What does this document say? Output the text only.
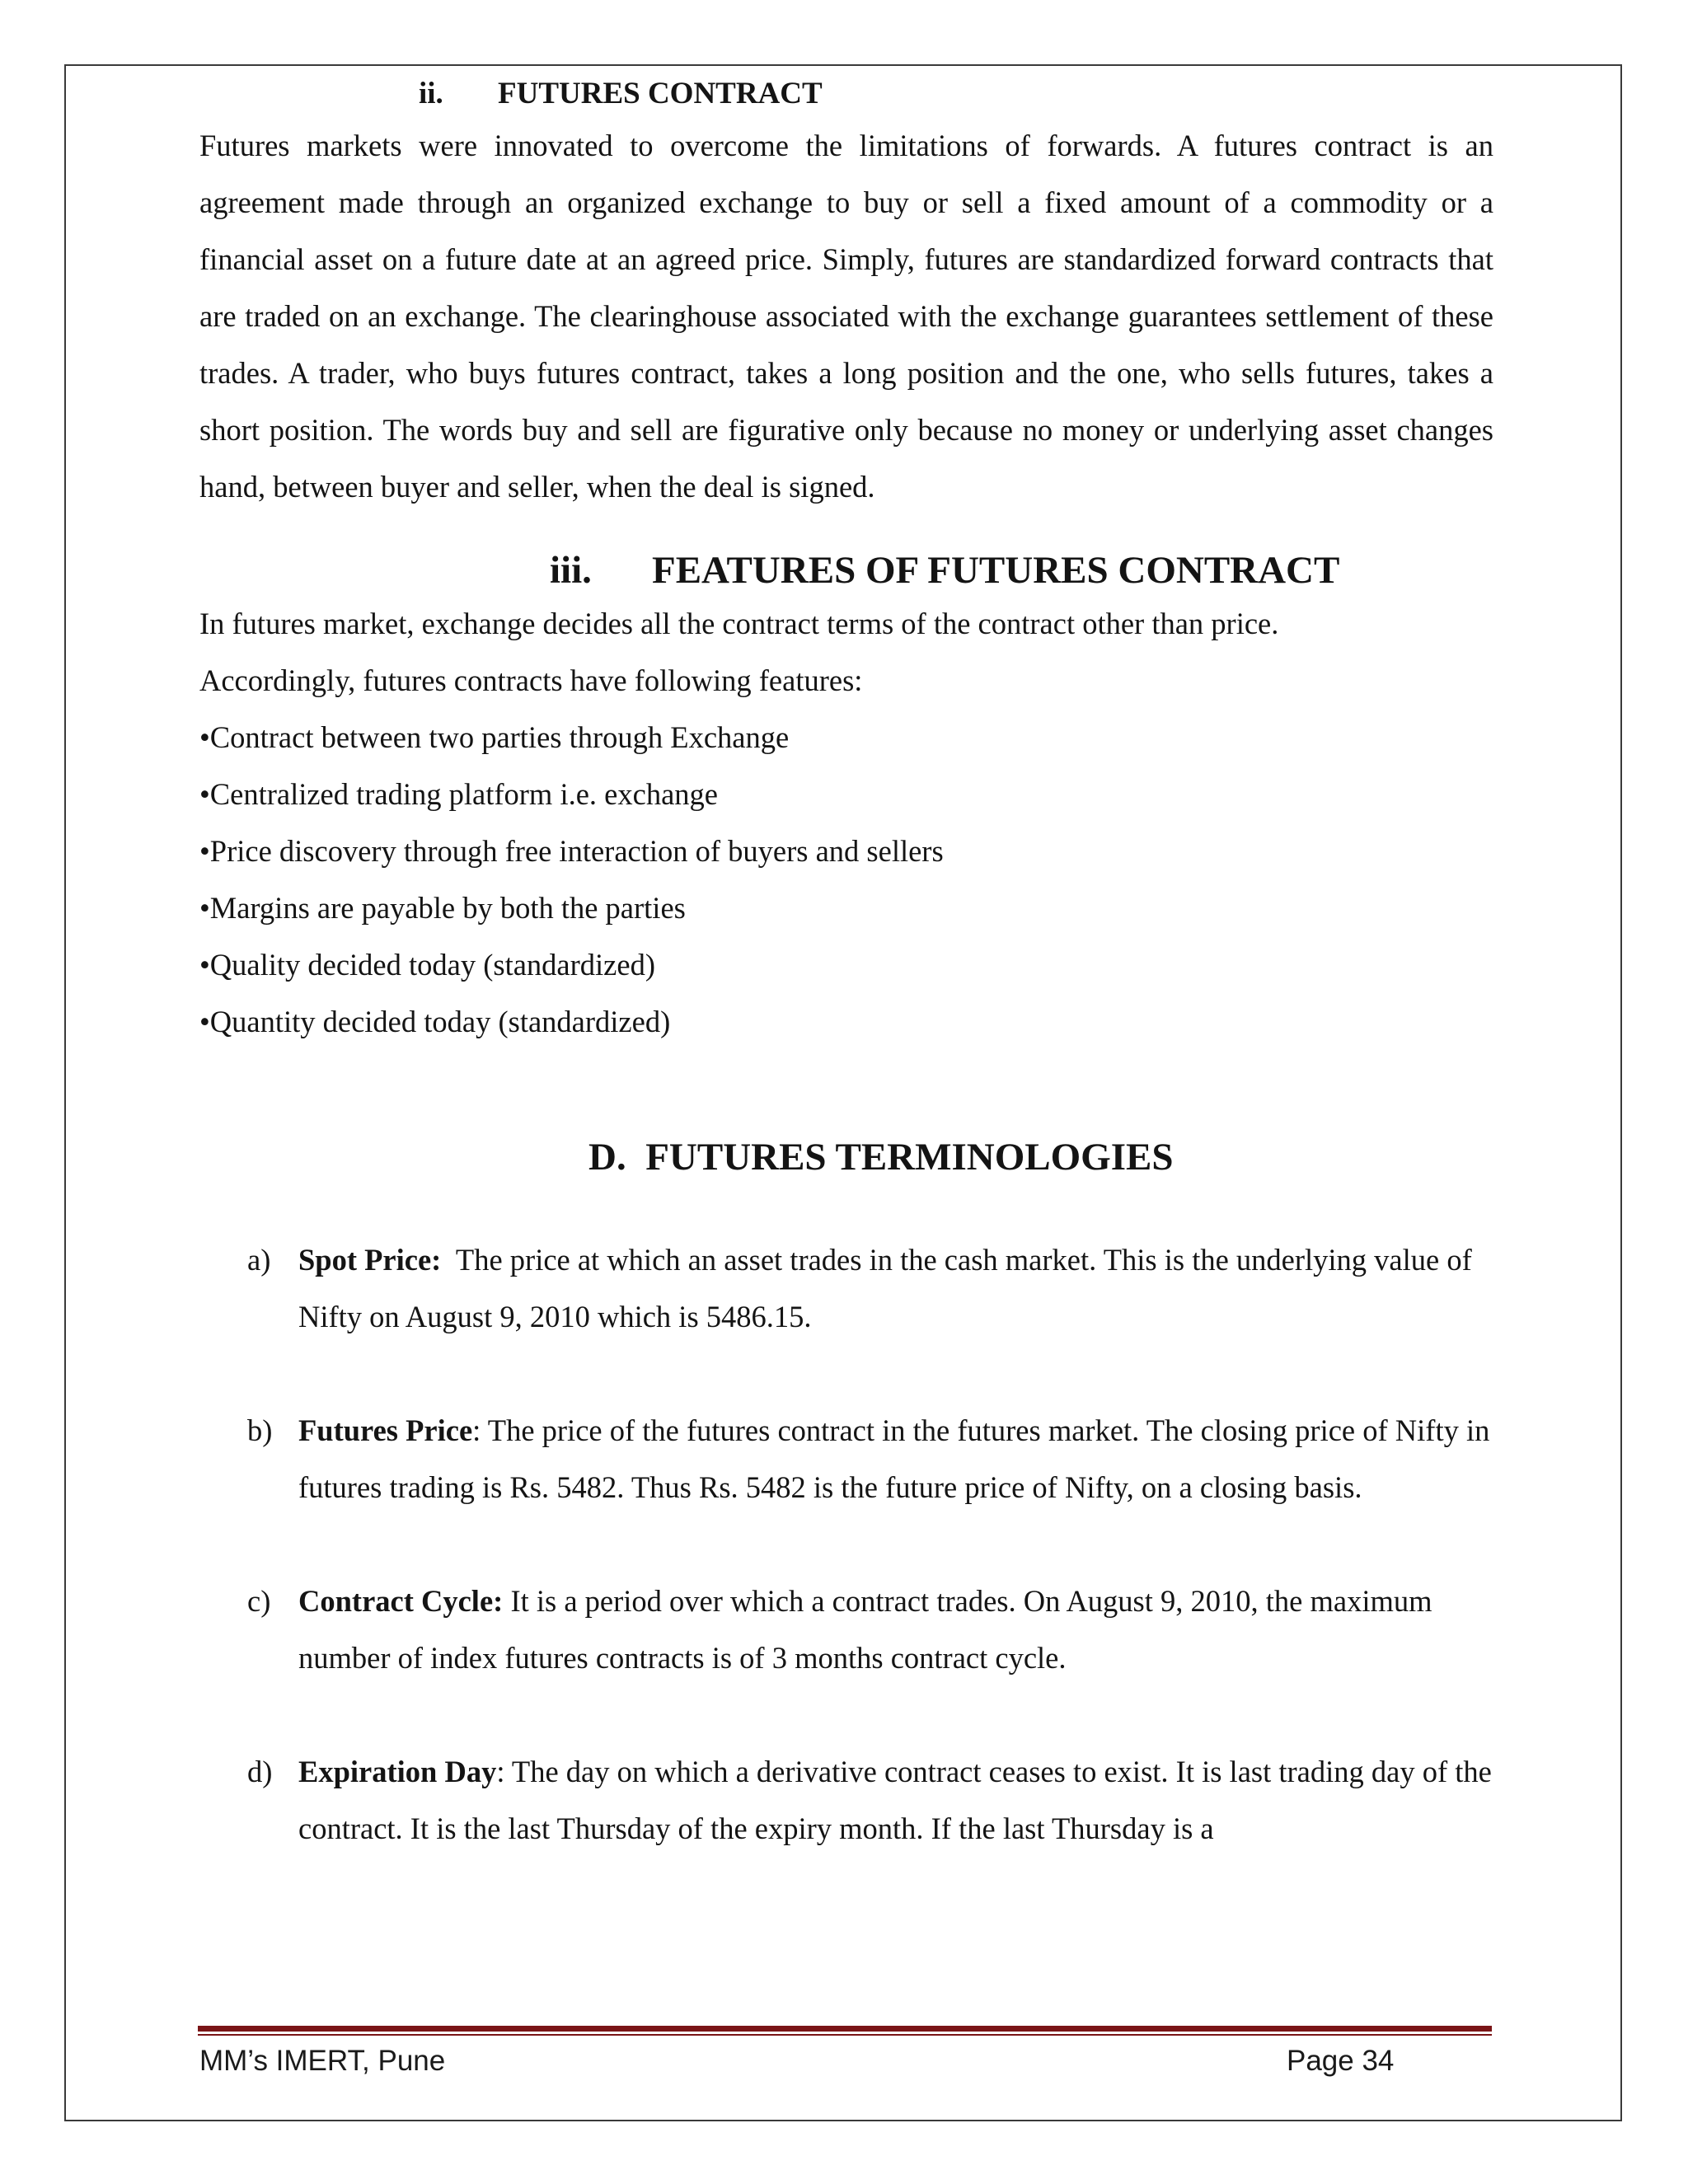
ii. FUTURES CONTRACT

Futures markets were innovated to overcome the limitations of forwards. A futures contract is an agreement made through an organized exchange to buy or sell a fixed amount of a commodity or a financial asset on a future date at an agreed price. Simply, futures are standardized forward contracts that are traded on an exchange. The clearinghouse associated with the exchange guarantees settlement of these trades. A trader, who buys futures contract, takes a long position and the one, who sells futures, takes a short position. The words buy and sell are figurative only because no money or underlying asset changes hand, between buyer and seller, when the deal is signed.

iii. FEATURES OF FUTURES CONTRACT

In futures market, exchange decides all the contract terms of the contract other than price.

Accordingly, futures contracts have following features:

•Contract between two parties through Exchange
•Centralized trading platform i.e. exchange
•Price discovery through free interaction of buyers and sellers
•Margins are payable by both the parties
•Quality decided today (standardized)
•Quantity decided today (standardized)

D.  FUTURES TERMINOLOGIES

a) Spot Price:  The price at which an asset trades in the cash market. This is the underlying value of Nifty on August 9, 2010 which is 5486.15.
b) Futures Price: The price of the futures contract in the futures market. The closing price of Nifty in futures trading is Rs. 5482. Thus Rs. 5482 is the future price of Nifty, on a closing basis.
c) Contract Cycle: It is a period over which a contract trades. On August 9, 2010, the maximum number of index futures contracts is of 3 months contract cycle.
d) Expiration Day: The day on which a derivative contract ceases to exist. It is last trading day of the contract. It is the last Thursday of the expiry month. If the last Thursday is a
MM’s IMERT, Pune	Page 34
